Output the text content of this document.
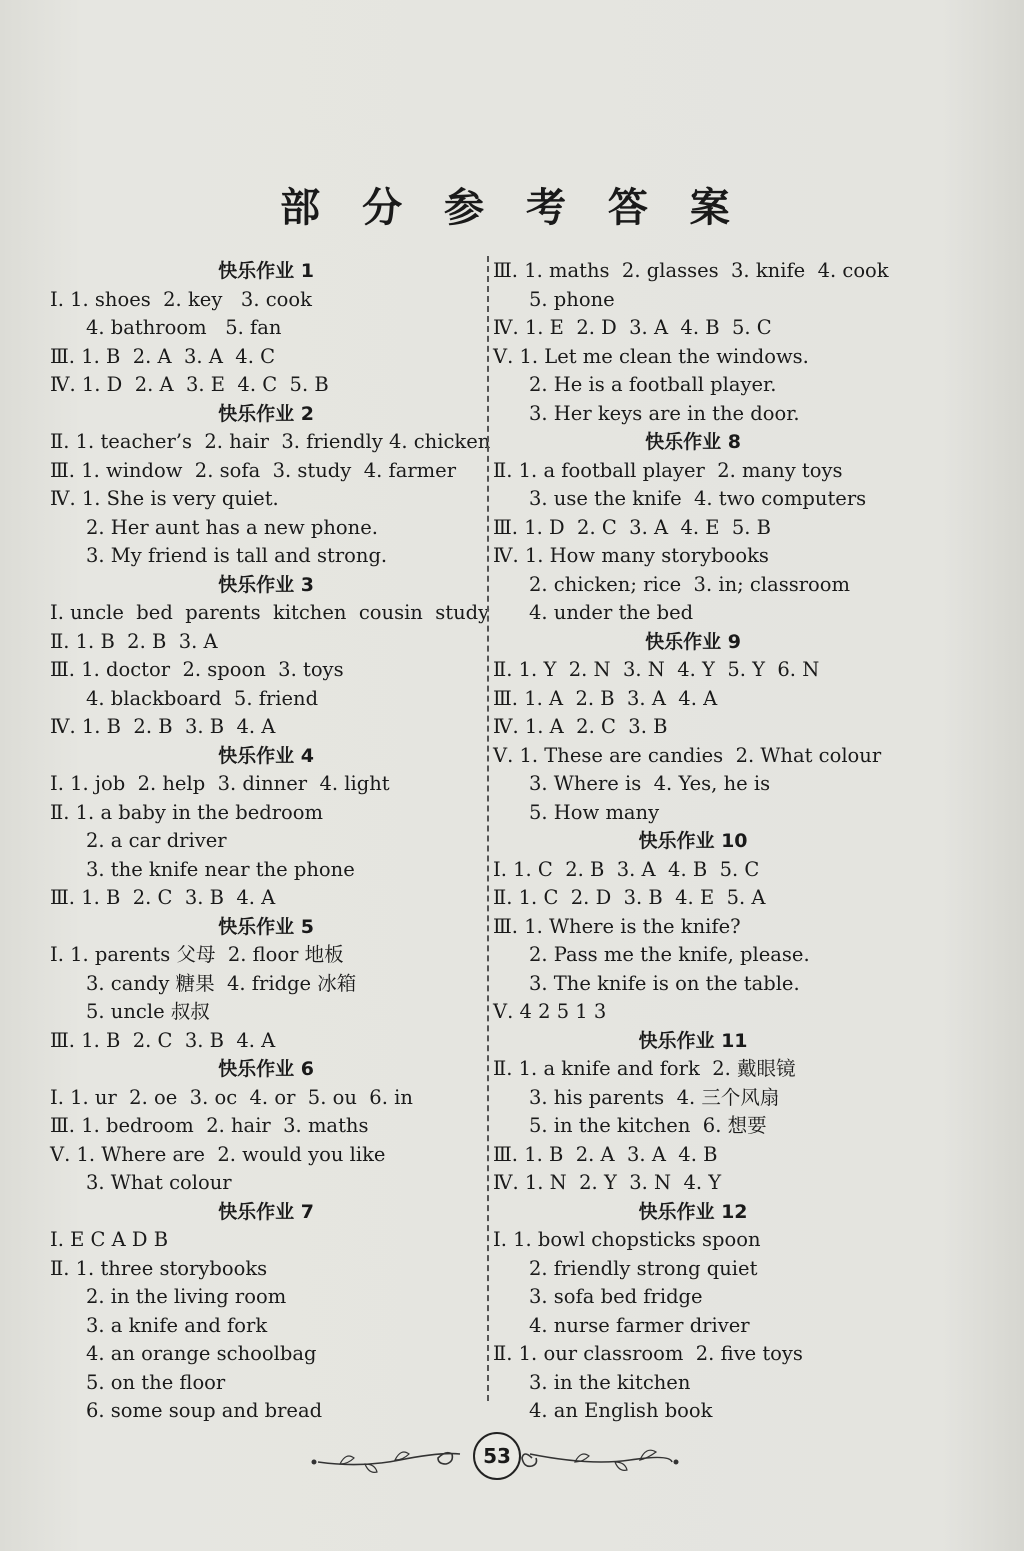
部 分 参 考 答 案
快乐作业 1
Ⅰ. 1. shoes  2. key   3. cook
4. bathroom   5. fan
Ⅲ. 1. B  2. A  3. A  4. C
Ⅳ. 1. D  2. A  3. E  4. C  5. B
快乐作业 2
Ⅱ. 1. teacher’s  2. hair  3. friendly 4. chicken
Ⅲ. 1. window  2. sofa  3. study  4. farmer
Ⅳ. 1. She is very quiet.
2. Her aunt has a new phone.
3. My friend is tall and strong.
快乐作业 3
Ⅰ. uncle  bed  parents  kitchen  cousin  study
Ⅱ. 1. B  2. B  3. A
Ⅲ. 1. doctor  2. spoon  3. toys
4. blackboard  5. friend
Ⅳ. 1. B  2. B  3. B  4. A
快乐作业 4
Ⅰ. 1. job  2. help  3. dinner  4. light
Ⅱ. 1. a baby in the bedroom
2. a car driver
3. the knife near the phone
Ⅲ. 1. B  2. C  3. B  4. A
快乐作业 5
Ⅰ. 1. parents 父母  2. floor 地板
3. candy 糖果  4. fridge 冰箱
5. uncle 叔叔
Ⅲ. 1. B  2. C  3. B  4. A
快乐作业 6
Ⅰ. 1. ur  2. oe  3. oc  4. or  5. ou  6. in
Ⅲ. 1. bedroom  2. hair  3. maths
Ⅴ. 1. Where are  2. would you like
3. What colour
快乐作业 7
Ⅰ. E C A D B
Ⅱ. 1. three storybooks
2. in the living room
3. a knife and fork
4. an orange schoolbag
5. on the floor
6. some soup and bread
Ⅲ. 1. maths  2. glasses  3. knife  4. cook
5. phone
Ⅳ. 1. E  2. D  3. A  4. B  5. C
Ⅴ. 1. Let me clean the windows.
2. He is a football player.
3. Her keys are in the door.
快乐作业 8
Ⅱ. 1. a football player  2. many toys
3. use the knife  4. two computers
Ⅲ. 1. D  2. C  3. A  4. E  5. B
Ⅳ. 1. How many storybooks
2. chicken; rice  3. in; classroom
4. under the bed
快乐作业 9
Ⅱ. 1. Y  2. N  3. N  4. Y  5. Y  6. N
Ⅲ. 1. A  2. B  3. A  4. A
Ⅳ. 1. A  2. C  3. B
Ⅴ. 1. These are candies  2. What colour
3. Where is  4. Yes, he is
5. How many
快乐作业 10
Ⅰ. 1. C  2. B  3. A  4. B  5. C
Ⅱ. 1. C  2. D  3. B  4. E  5. A
Ⅲ. 1. Where is the knife?
2. Pass me the knife, please.
3. The knife is on the table.
Ⅴ. 4 2 5 1 3
快乐作业 11
Ⅱ. 1. a knife and fork  2. 戴眼镜
3. his parents  4. 三个风扇
5. in the kitchen  6. 想要
Ⅲ. 1. B  2. A  3. A  4. B
Ⅳ. 1. N  2. Y  3. N  4. Y
快乐作业 12
Ⅰ. 1. bowl chopsticks spoon
2. friendly strong quiet
3. sofa bed fridge
4. nurse farmer driver
Ⅱ. 1. our classroom  2. five toys
3. in the kitchen
4. an English book
53
